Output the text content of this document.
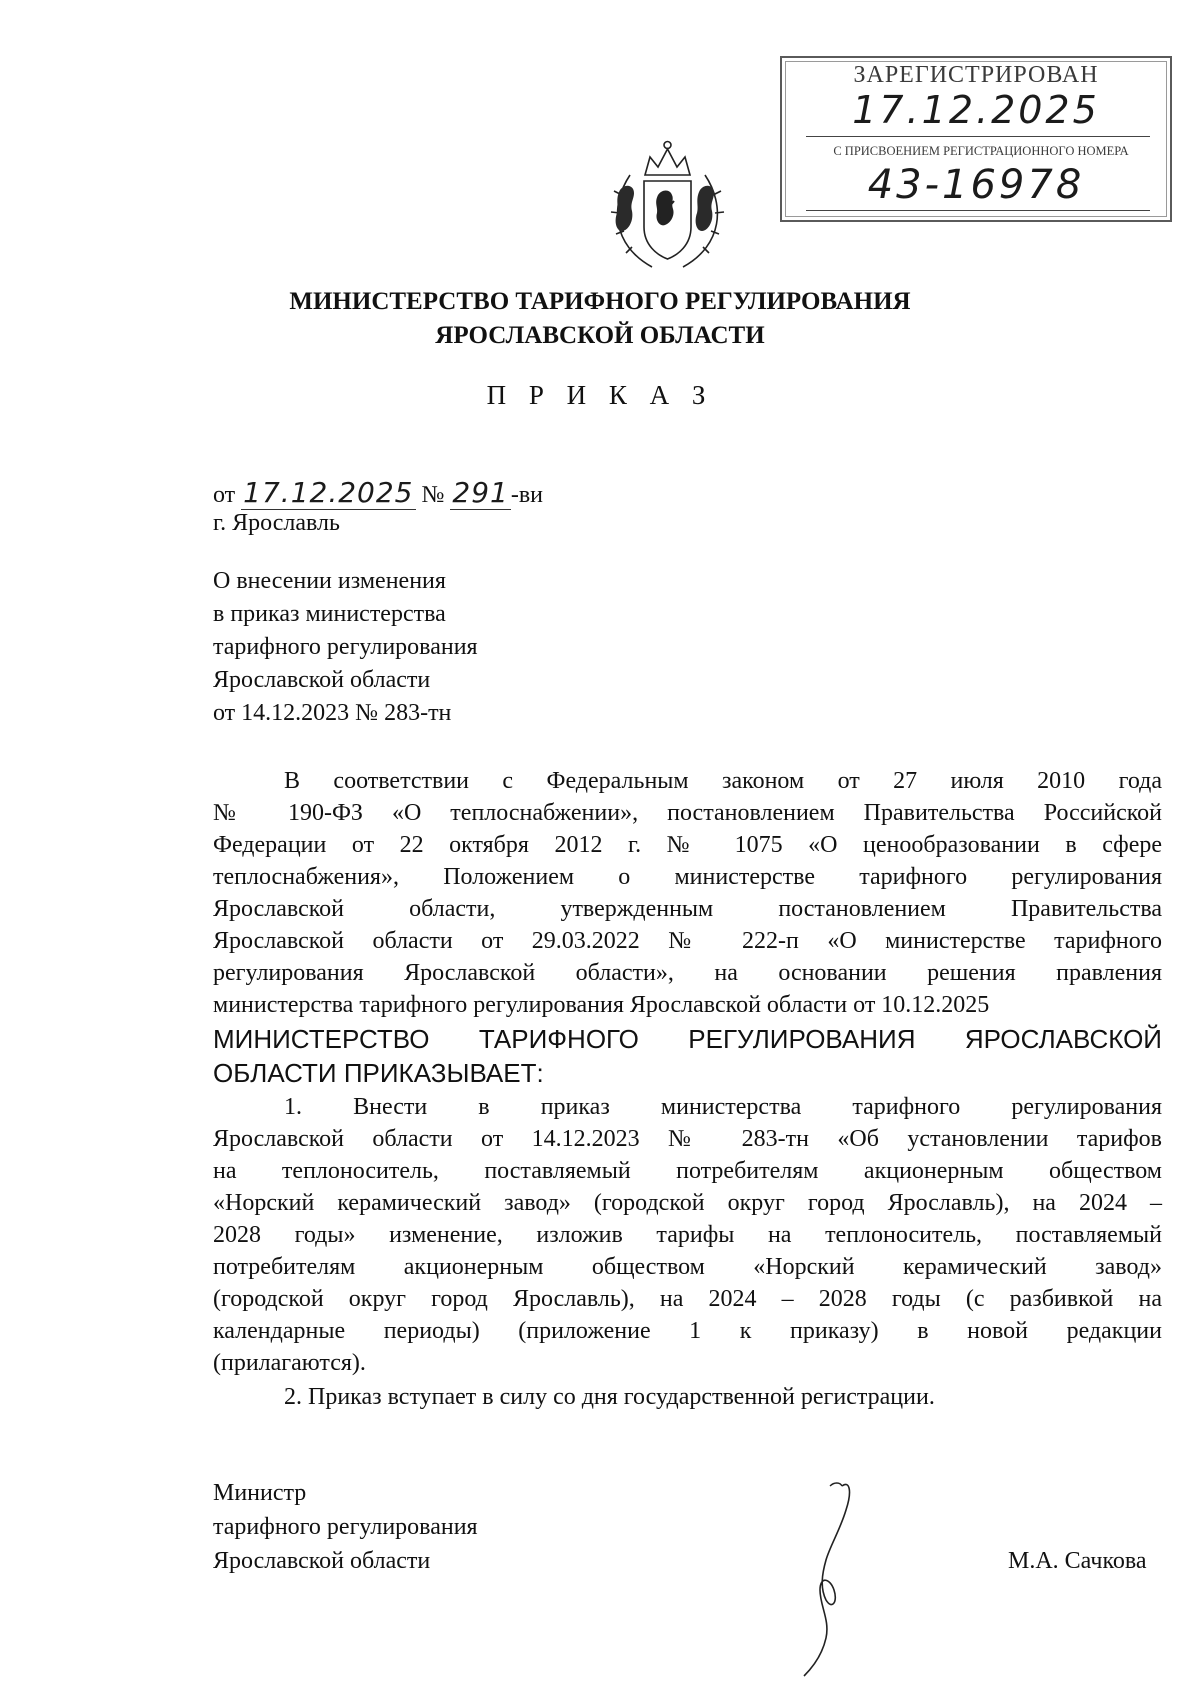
ЗАРЕГИСТРИРОВАН
17.12.2025
С ПРИСВОЕНИЕМ РЕГИСТРАЦИОННОГО НОМЕРА
43-16978
МИНИСТЕРСТВО ТАРИФНОГО РЕГУЛИРОВАНИЯ
ЯРОСЛАВСКОЙ ОБЛАСТИ
П Р И К А З
от 17.12.2025 № 291-ви
г. Ярославль
О внесении изменения
в приказ министерства
тарифного регулирования
Ярославской области
от 14.12.2023 № 283-тн
В соответствии с Федеральным законом от 27 июля 2010 года
№ 190-ФЗ «О теплоснабжении», постановлением Правительства Российской
Федерации от 22 октября 2012 г. № 1075 «О ценообразовании в сфере
теплоснабжения», Положением о министерстве тарифного регулирования
Ярославской области, утвержденным постановлением Правительства
Ярославской области от 29.03.2022 № 222-п «О министерстве тарифного
регулирования Ярославской области», на основании решения правления
министерства тарифного регулирования Ярославской области от 10.12.2025
МИНИСТЕРСТВО ТАРИФНОГО РЕГУЛИРОВАНИЯ ЯРОСЛАВСКОЙ
ОБЛАСТИ ПРИКАЗЫВАЕТ:
1. Внести в приказ министерства тарифного регулирования
Ярославской области от 14.12.2023 № 283-тн «Об установлении тарифов
на теплоноситель, поставляемый потребителям акционерным обществом
«Норский керамический завод» (городской округ город Ярославль), на 2024 –
2028 годы» изменение, изложив тарифы на теплоноситель, поставляемый
потребителям акционерным обществом «Норский керамический завод»
(городской округ город Ярославль), на 2024 – 2028 годы (с разбивкой на
календарные периоды) (приложение 1 к приказу) в новой редакции
(прилагаются).
2. Приказ вступает в силу со дня государственной регистрации.
Министр
тарифного регулирования
Ярославской области	М.А. Сачкова
